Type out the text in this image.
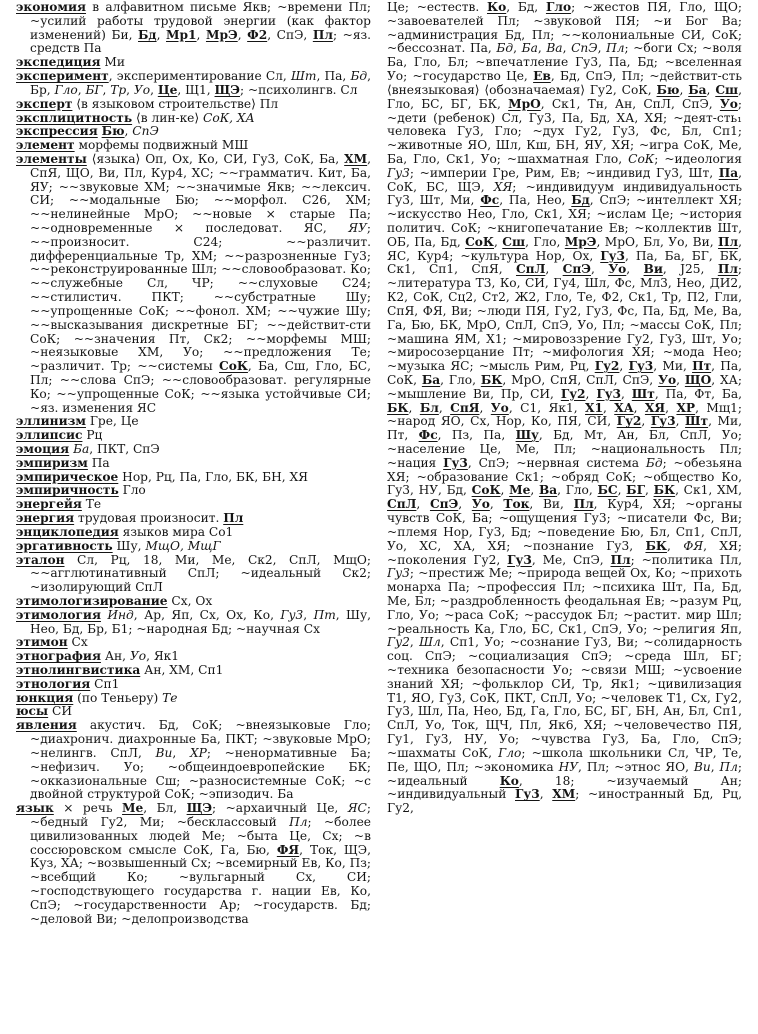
экономия в алфавитном письме Якв; ~времени Пл; ~усилий работы трудовой энергии (как фактор изменений) Би, Бд, Мр1, МрЭ, Ф2, СпЭ, Пл; ~яз. средств Па

экспедиция Ми

эксперимент, экспериментирование Сл, Шт, Па, Бд, Бр, Гло, БГ, Тр, Уо, Це, Щ1, ЩЭ; ~психолингв. Сл

эксперт ⟨в языковом строительстве⟩ Пл

эксплицитность ⟨в лин-ке⟩ СоК, ХА

экспрессия Бю, СпЭ

элемент морфемы подвижный МШ

элементы ⟨языка⟩ Оп, Ох, Ко, СИ, Гу3, СоК, Ба, ХМ, СпЯ, ЩО, Ви, Пл, Кур4, ХС; ~~грамматич. Кит, Ба, ЯУ; ~~звуковые ХМ; ~~значимые Якв; ~~лексич. СИ; ~~модальные Бю; ~~морфол. С26, ХМ; ~~нелинейные МрО; ~~новые × старые Па; ~~одновременные × последоват. ЯС, ЯУ; ~~произносит. С24; ~~различит. дифференциальные Тр, ХМ; ~~разрозненные Гу3; ~~реконструированные Шл; ~~словообразоват. Ко; ~~служебные Сл, ЧР; ~~слуховые С24; ~~стилистич. ПКТ; ~~субстратные Шу; ~~упрощенные СоК; ~~фонол. ХМ; ~~чужие Шу; ~~высказывания дискретные БГ; ~~действит-сти СоК; ~~значения Пт, Ск2; ~~морфемы МШ; ~неязыковые ХМ, Уо; ~~предложения Те; ~различит. Тр; ~~системы СоК, Ба, Сш, Гло, БС, Пл; ~~слова СпЭ; ~~словообразоват. регулярные Ко; ~~упрощенные СоК; ~~языка устойчивые СИ; ~яз. изменения ЯС

эллинизм Гре, Це

эллипсис Рц

эмоция Ба, ПКТ, СпЭ

эмпиризм Па

эмпирическое Нор, Рц, Па, Гло, БК, БН, ХЯ

эмпиричность Гло

энергейя Те

энергия трудовая произносит. Пл

энциклопедия языков мира Со1

эргативность Шу, МщО, МщГ

эталон Сл, Рц, 18, Ми, Ме, Ск2, СпЛ, МщО; ~~агглютинативный СпЛ; ~идеальный Ск2; ~изолирующий СпЛ

этимологизирование Сх, Ох

этимология Инд, Ар, Яп, Сх, Ох, Ко, Гу3, Пт, Шу, Нео, Бд, Бр, Б1; ~народная Бд; ~научная Сх

этимон Сх

этнография Ан, Уо, Як1

этнолингвистика Ан, ХМ, Сп1

этнология Сп1

юнкция (по Теньеру) Те

юсы СИ

явления акустич. Бд, СоК; ~внеязыковые Гло; ~диахронич. диахронные Ба, ПКТ; ~звуковые МрО; ~нелингв. СпЛ, Ви, ХР; ~ненормативные Ба; ~нефизич. Уо; ~общеиндоевропейские БК; ~окказиональные Сш; ~разносистемные СоК; ~с двойной структурой СоК; ~эпизодич. Ба

язык × речь Ме, Бл, ЩЭ; ~архаичный Це, ЯС; ~бедный Гу2, Ми; ~бесклассовый Пл; ~более цивилизованных людей Ме; ~быта Це, Сх; ~в соссюровском смысле СоК, Га, Бю, ФЯ, Ток, ЩЭ, Куз, ХА; ~возвышенный Сх; ~всемирный Ев, Ко, Пз; ~всебщий Ко; ~вульгарный Сх, СИ; ~господствующего государства г. нации Ев, Ко, СпЭ; ~государственности Ар; ~государств. Бд; ~деловой Ви; ~делопроизводства

Це; ~естеств. Ко, Бд, Гло; ~жестов ПЯ, Гло, ЩО; ~завоевателей Пл; ~звуковой ПЯ; ~и Бог Ва; ~администрация Бд, Пл; ~~колониальные СИ, СоК; ~бессознат. Па, Бд, Ба, Ва, СпЭ, Пл; ~боги Сх; ~воля Ба, Гло, Бл; ~впечатление Гу3, Па, Бд; ~вселенная Уо; ~государство Це, Ев, Бд, СпЭ, Пл; ~действит-сть ⟨внеязыковая⟩ ⟨обозначаемая⟩ Гу2, СоК, Бю, Ба, Сш, Гло, БС, БГ, БК, МрО, Ск1, Тн, Ан, СпЛ, СпЭ, Уо; ~дети (ребенок) Сл, Гу3, Па, Бд, ХА, ХЯ; ~деят-сть₁ человека Гу3, Гло; ~дух Гу2, Гу3, Фс, Бл, Сп1; ~животные ЯО, Шл, Кш, БН, ЯУ, ХЯ; ~игра СоК, Ме, Ба, Гло, Ск1, Уо; ~шахматная Гло, СоК; ~идеология Гу3; ~империи Гре, Рим, Ев; ~индивид Гу3, Шт, Па, СоК, БС, ЩЭ, ХЯ; ~индивидуум индивидуальность Гу3, Шт, Ми, Фс, Па, Нео, Бд, СпЭ; ~интеллект ХЯ; ~искусство Нео, Гло, Ск1, ХЯ; ~ислам Це; ~история политич. СоК; ~книгопечатание Ев; ~коллектив Шт, ОБ, Па, Бд, СоК, Сш, Гло, МрЭ, МрО, Бл, Уо, Ви, Пл, ЯС, Кур4; ~культура Нор, Ох, Гу3, Па, Ба, БГ, БК, Ск1, Сп1, СпЯ, СпЛ, СпЭ, Уо, Ви, J25, Пл; ~литература Т3, Ко, СИ, Гу4, Шл, Фс, Мл3, Нео, ДИ2, К2, СоК, Сц2, Ст2, Ж2, Гло, Те, Ф2, Ск1, Тр, П2, Гли, СпЯ, ФЯ, Ви; ~люди ПЯ, Гу2, Гу3, Фс, Па, Бд, Ме, Ва, Га, Бю, БК, МрО, СпЛ, СпЭ, Уо, Пл; ~массы СоК, Пл; ~машина ЯМ, Х1; ~мировоззрение Гу2, Гу3, Шт, Уо; ~миросозерцание Пт; ~мифология ХЯ; ~мода Нео; ~музыка ЯС; ~мысль Рим, Рц, Гу2, Гу3, Ми, Пт, Па, СоК, Ба, Гло, БК, МрО, СпЯ, СпЛ, СпЭ, Уо, ЩО, ХА; ~мышление Ви, Пр, СИ, Гу2, Гу3, Шт, Па, Фт, Ба, БК, Бл, СпЯ, Уо, С1, Як1, Х1, ХА, ХЯ, ХР, Мщ1; ~народ ЯО, Сх, Нор, Ко, ПЯ, СИ, Гу2, Гу3, Шт, Ми, Пт, Фс, Пз, Па, Шу, Бд, Мт, Ан, Бл, СпЛ, Уо; ~население Це, Ме, Пл; ~национальность Пл; ~нация Гу3, СпЭ; ~нервная система Бд; ~обезьяна ХЯ; ~образование Ск1; ~обряд СоК; ~общество Ко, Гу3, НУ, Бд, СоК, Ме, Ва, Гло, БС, БГ, БК, Ск1, ХМ, СпЛ, СпЭ, Уо, Ток, Ви, Пл, Кур4, ХЯ; ~органы чувств СоК, Ба; ~ощущения Гу3; ~писатели Фс, Ви; ~племя Нор, Гу3, Бд; ~поведение Бю, Бл, Сп1, СпЛ, Уо, ХС, ХА, ХЯ; ~познание Гу3, БК, ФЯ, ХЯ; ~поколения Гу2, Гу3, Ме, СпЭ, Пл; ~политика Пл, Гу3; ~престиж Ме; ~природа вещей Ох, Ко; ~прихоть монарха Па; ~профессия Пл; ~психика Шт, Па, Бд, Ме, Бл; ~раздробленность феодальная Ев; ~разум Рц, Гло, Уо; ~раса СоК; ~рассудок Бл; ~растит. мир Шл; ~реальность Ка, Гло, БС, Ск1, СпЭ, Уо; ~религия Яп, Гу2, Шл, Сп1, Уо; ~сознание Гу3, Ви; ~солидарность соц. СпЭ; ~социализация СпЭ; ~среда Шл, БГ; ~техника безопасности Уо; ~связи МШ; ~усвоение знаний ХЯ; ~фольклор СИ, Тр, Як1; ~цивилизация Т1, ЯО, Гу3, СоК, ПКТ, СпЛ, Уо; ~человек Т1, Сх, Гу2, Гу3, Шл, Па, Нео, Бд, Га, Гло, БС, БГ, БН, Ан, Бл, Сп1, СпЛ, Уо, Ток, ЩЧ, Пл, Як6, ХЯ; ~человечество ПЯ, Гу1, Гу3, НУ, Уо; ~чувства Гу3, Ба, Гло, СпЭ; ~шахматы СоК, Гло; ~школа школьники Сл, ЧР, Те, Пе, ЩО, Пл; ~экономика НУ, Пл; ~этнос ЯО, Ви, Пл; ~идеальный Ко, 18; ~изучаемый Ан; ~индивидуальный Гу3, ХМ; ~иностранный Бд, Рц, Гу2,
